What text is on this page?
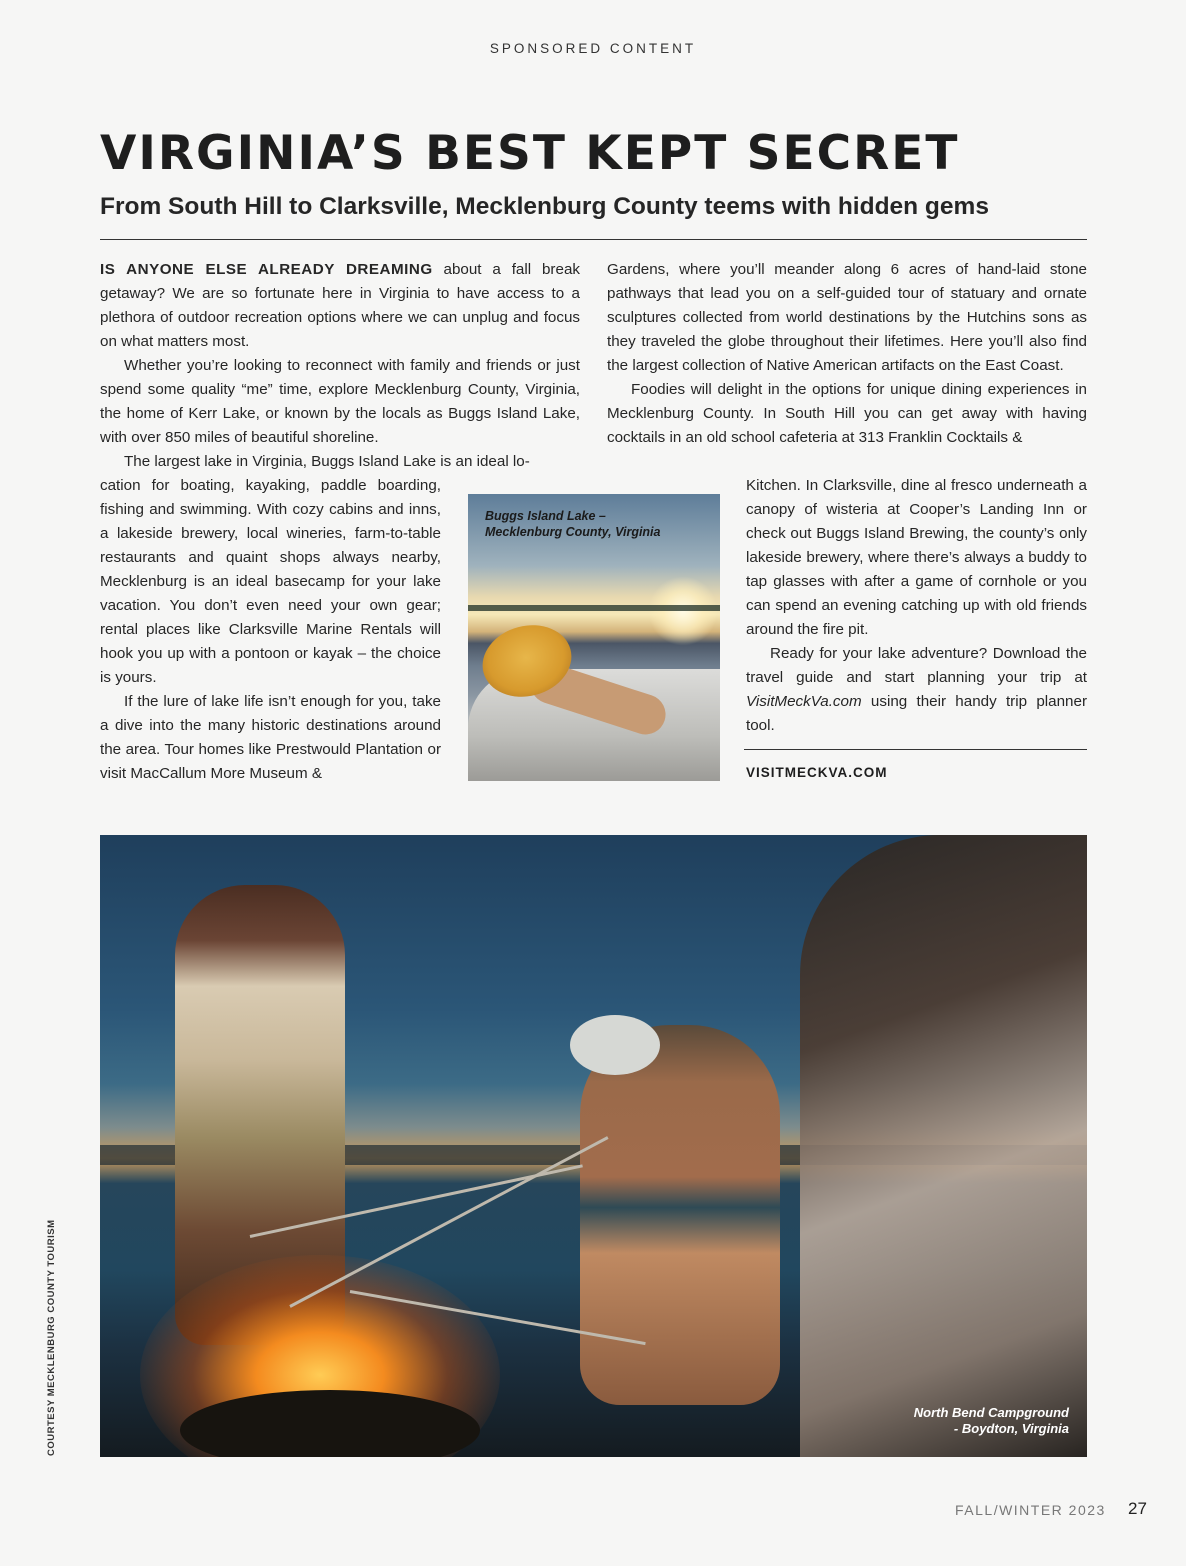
SPONSORED CONTENT
VIRGINIA’S BEST KEPT SECRET
From South Hill to Clarksville, Mecklenburg County teems with hidden gems

IS ANYONE ELSE ALREADY DREAMING about a fall break getaway? We are so fortunate here in Virginia to have access to a plethora of outdoor recreation options where we can unplug and focus on what matters most.

Whether you’re looking to reconnect with family and friends or just spend some quality “me” time, explore Mecklenburg County, Virginia, the home of Kerr Lake, or known by the locals as Buggs Island Lake, with over 850 miles of beautiful shoreline.

The largest lake in Virginia, Buggs Island Lake is an ideal lo-

cation for boating, kayaking, paddle boarding, fishing and swimming. With cozy cabins and inns, a lakeside brewery, local wineries, farm-to-table restaurants and quaint shops always nearby, Mecklenburg is an ideal basecamp for your lake vacation. You don’t even need your own gear; rental places like Clarksville Marine Rentals will hook you up with a pontoon or kayak – the choice is yours.

If the lure of lake life isn’t enough for you, take a dive into the many historic destinations around the area. Tour homes like Prestwould Plantation or visit MacCallum More Museum &

Buggs Island Lake –
Mecklenburg County, Virginia

Gardens, where you’ll meander along 6 acres of hand-laid stone pathways that lead you on a self-guided tour of statuary and ornate sculptures collected from world destinations by the Hutchins sons as they traveled the globe throughout their lifetimes. Here you’ll also find the largest collection of Native American artifacts on the East Coast.

Foodies will delight in the options for unique dining experiences in Mecklenburg County. In South Hill you can get away with having cocktails in an old school cafeteria at 313 Franklin Cocktails &

Kitchen. In Clarksville, dine al fresco underneath a canopy of wisteria at Cooper’s Landing Inn or check out Buggs Island Brewing, the county’s only lakeside brewery, where there’s always a buddy to tap glasses with after a game of cornhole or you can spend an evening catching up with old friends around the fire pit.

Ready for your lake adventure? Download the travel guide and start planning your trip at VisitMeckVa.com using their handy trip planner tool.

VISITMECKVA.COM
North Bend Campground
- Boydton, Virginia
COURTESY MECKLENBURG COUNTY TOURISM
FALL/WINTER 2023 27
